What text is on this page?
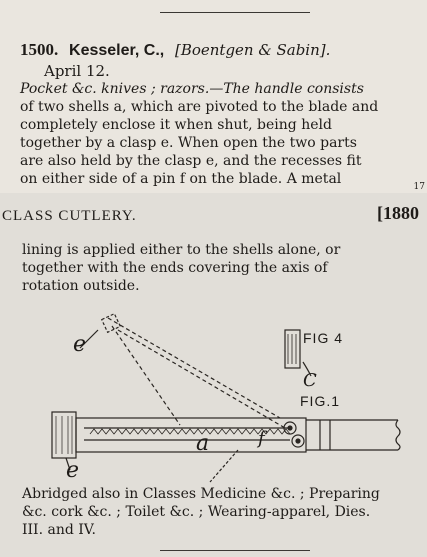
1500. Kesseler, C., [Boentgen & Sabin].
April 12.

Pocket &c. knives ; razors.—The handle consists
of two shells a, which are pivoted to the blade and
completely enclose it when shut, being held
together by a clasp e. When open the two parts
are also held by the clasp e, and the recesses fit
on either side of a pin f on the blade. A metal	17
CLASS CUTLERY.	[1880

lining is applied either to the shells alone, or
together with the ends covering the axis of
rotation outside.

FIG 4
C
FIG.1
e
e
a	f

Abridged also in Classes Medicine &c. ; Preparing
&c. cork &c. ; Toilet &c. ; Wearing-apparel, Dies.
III. and IV.
